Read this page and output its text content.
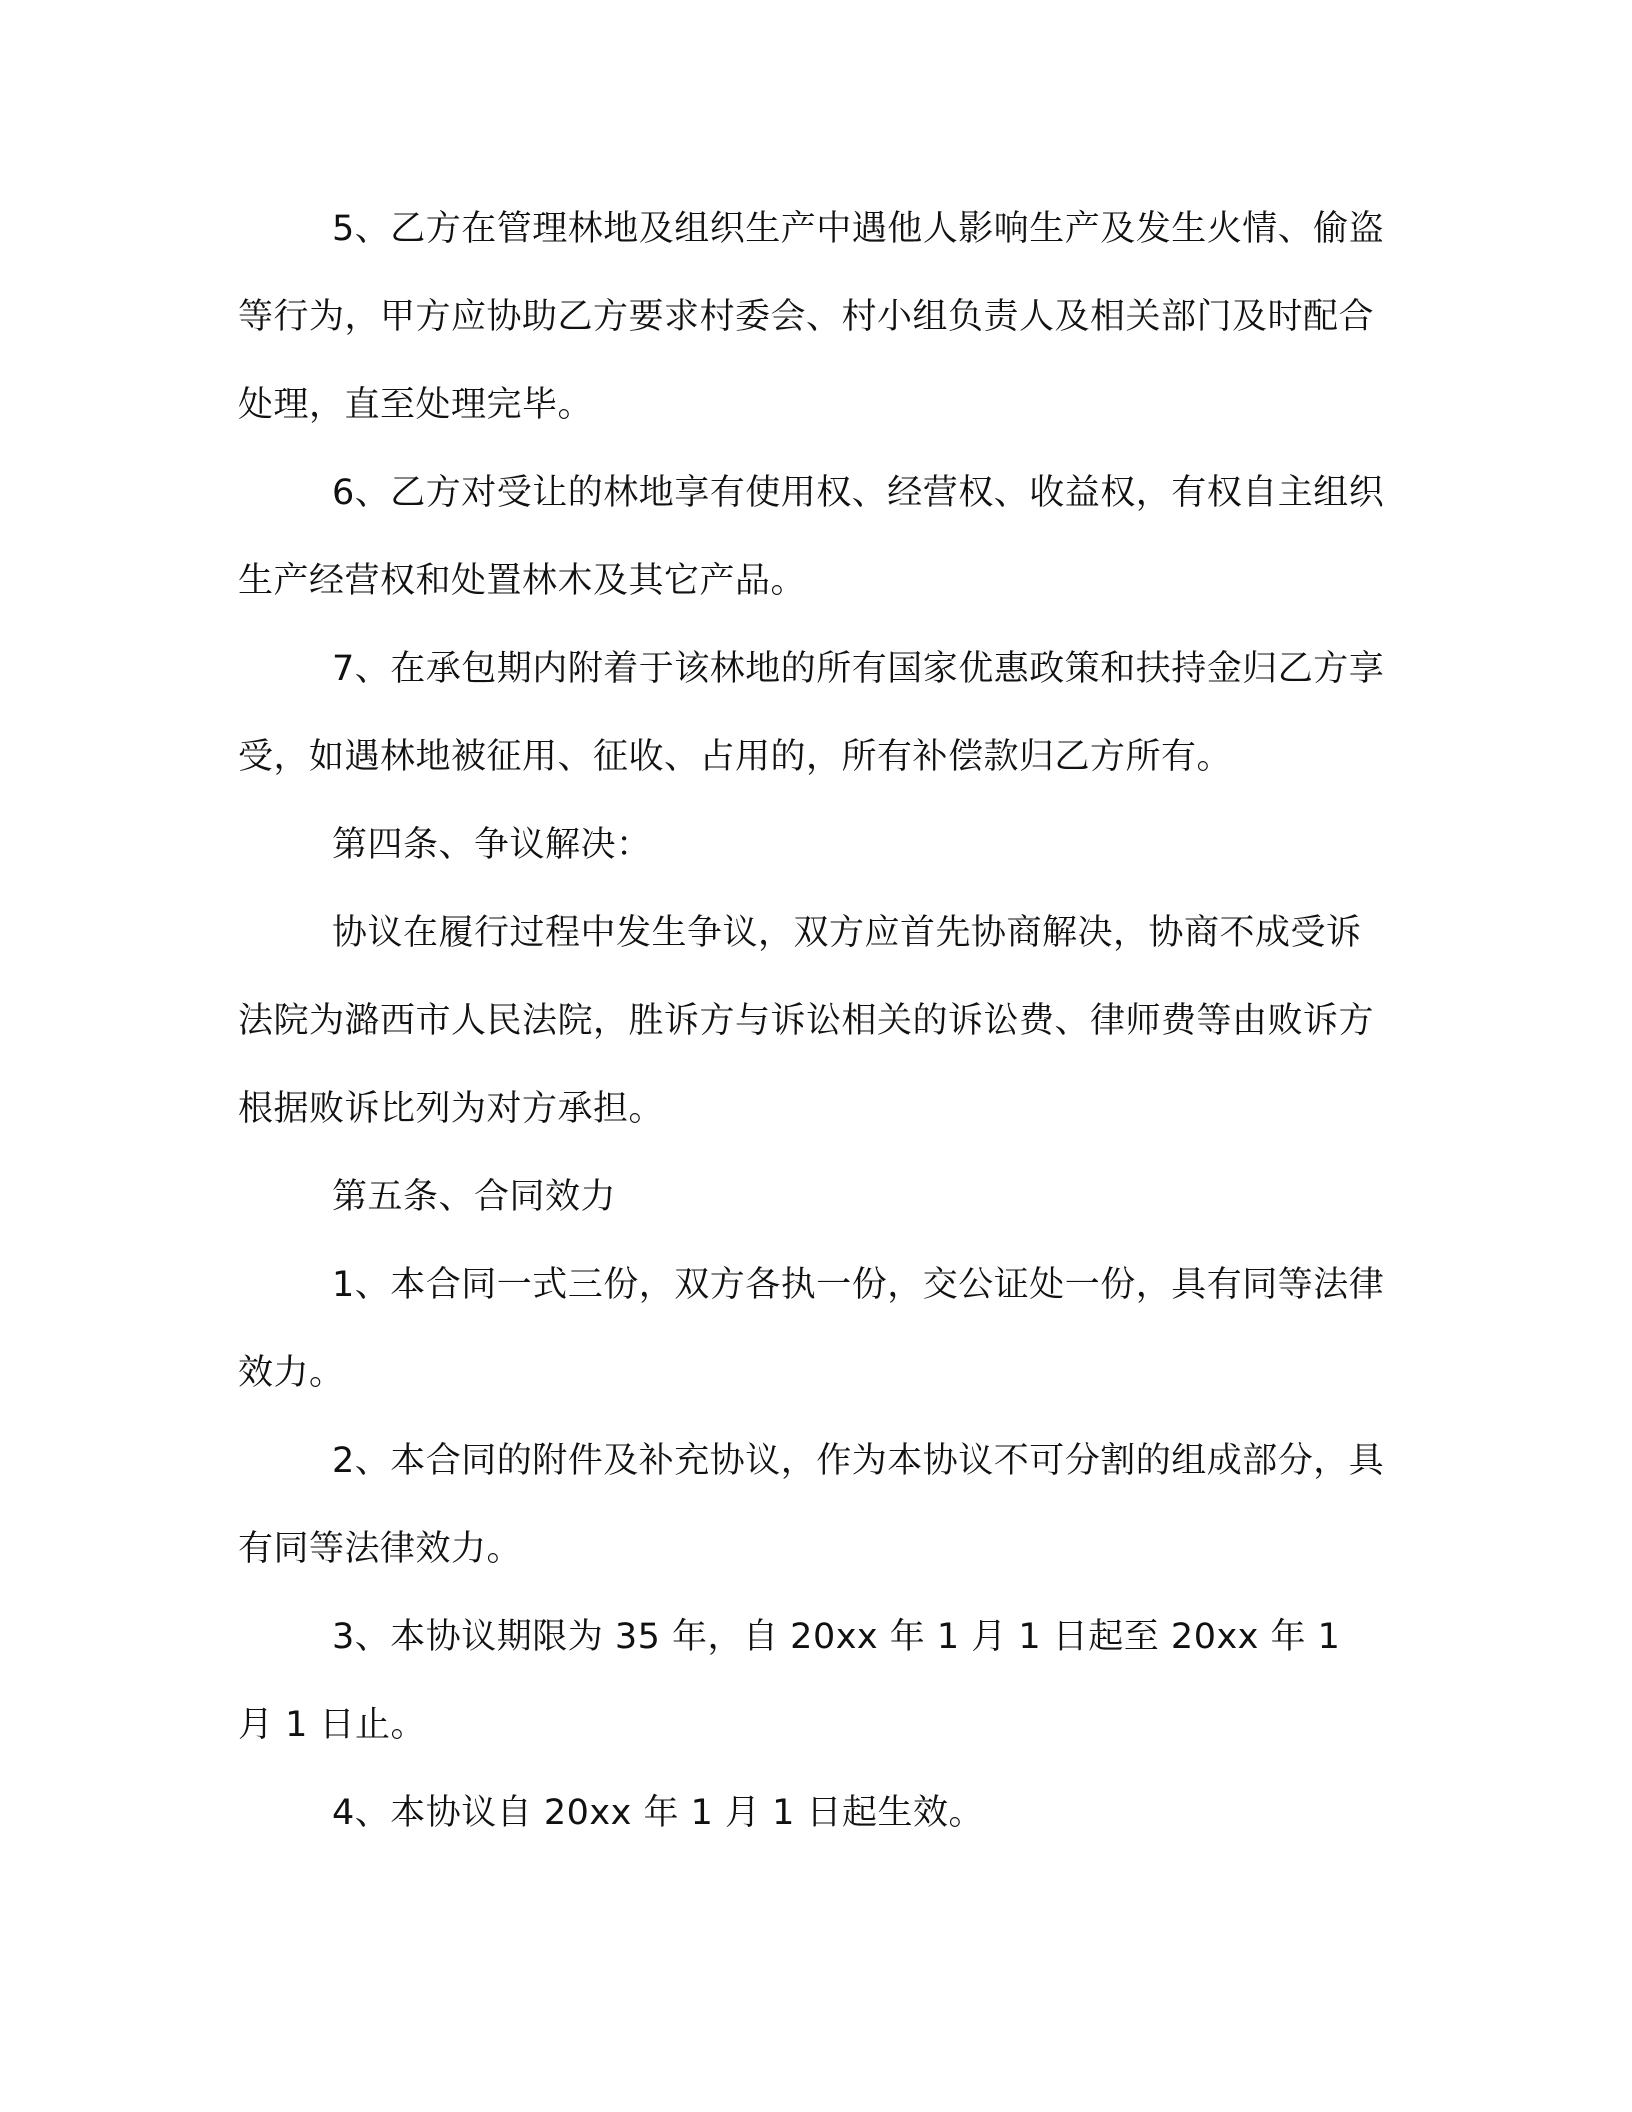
5、乙方在管理林地及组织生产中遇他人影响生产及发生火情、偷盗等行为，甲方应协助乙方要求村委会、村小组负责人及相关部门及时配合处理，直至处理完毕。

6、乙方对受让的林地享有使用权、经营权、收益权，有权自主组织生产经营权和处置林木及其它产品。

7、在承包期内附着于该林地的所有国家优惠政策和扶持金归乙方享受，如遇林地被征用、征收、占用的，所有补偿款归乙方所有。

第四条、争议解决：

协议在履行过程中发生争议，双方应首先协商解决，协商不成受诉法院为潞西市人民法院，胜诉方与诉讼相关的诉讼费、律师费等由败诉方根据败诉比列为对方承担。

第五条、合同效力

1、本合同一式三份，双方各执一份，交公证处一份，具有同等法律效力。

2、本合同的附件及补充协议，作为本协议不可分割的组成部分，具有同等法律效力。

3、本协议期限为 35 年，自 20xx 年 1 月 1 日起至 20xx 年 1 月 1 日止。

4、本协议自 20xx 年 1 月 1 日起生效。
